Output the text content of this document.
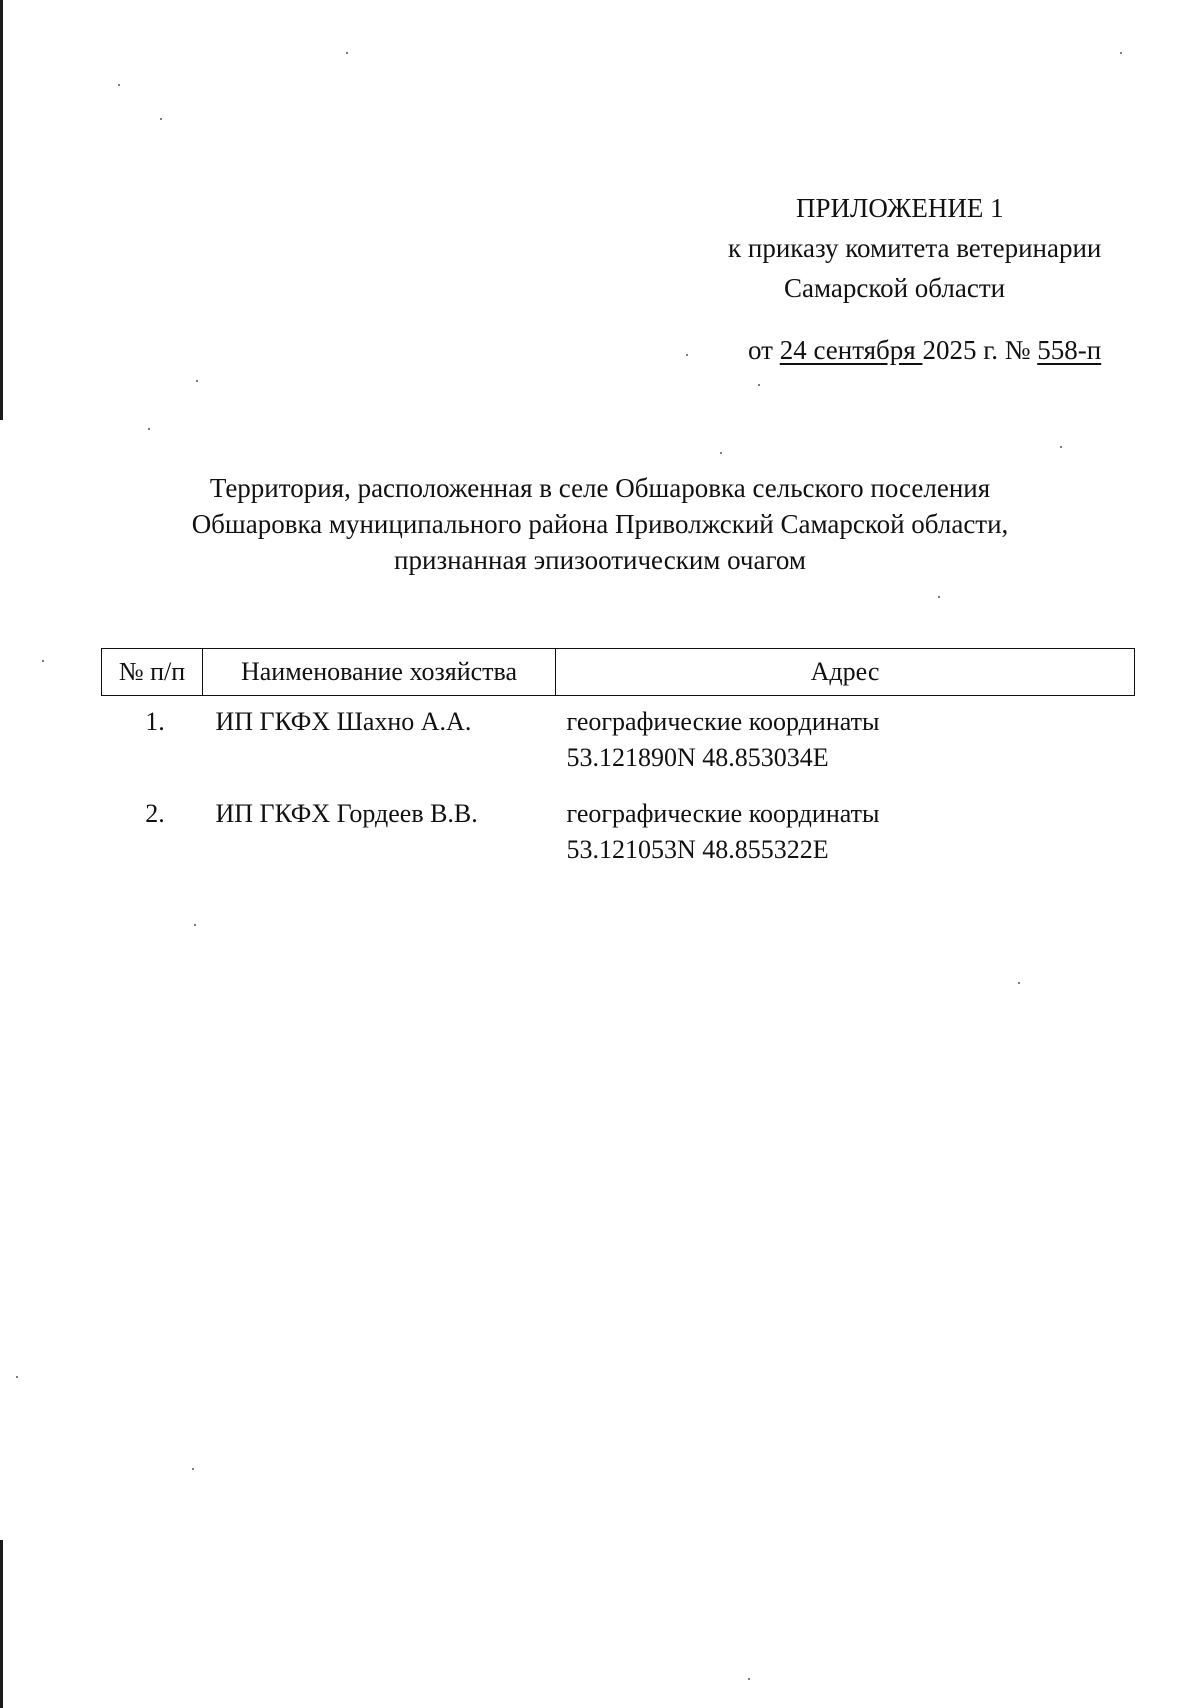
ПРИЛОЖЕНИЕ 1
к приказу комитета ветеринарии
Самарской области
от 24 сентября 2025 г. № 558-п
Территория, расположенная в селе Обшаровка сельского поселения
Обшаровка муниципального района Приволжский Самарской области,
признанная эпизоотическим очагом
№ п/п	Наименование хозяйства	Адрес
1.	ИП ГКФХ Шахно А.А.	географические координаты
53.121890N 48.853034E

2.	ИП ГКФХ Гордеев В.В.	географические координаты
53.121053N 48.855322E
